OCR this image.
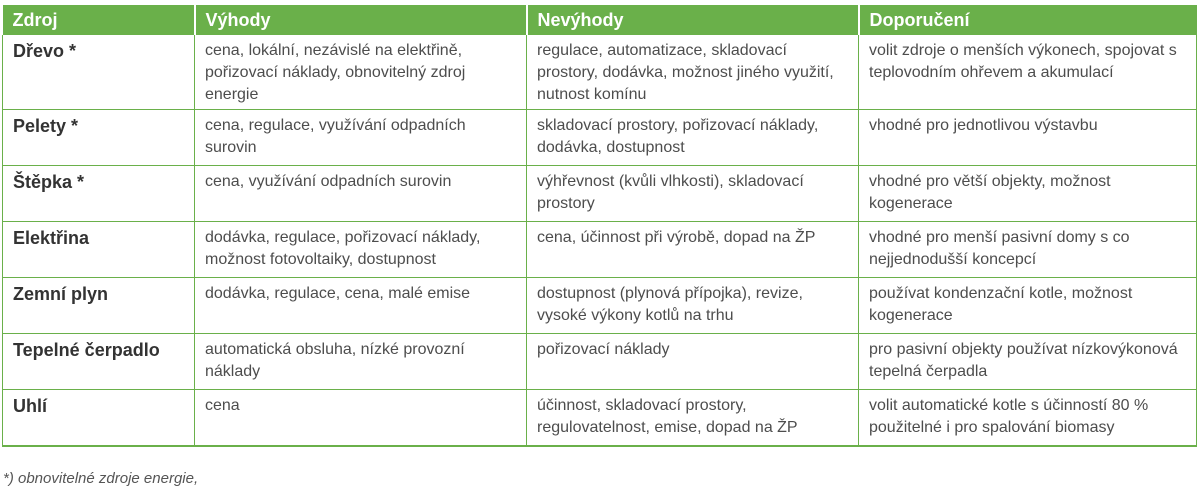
Zdroj	Výhody	Nevýhody	Doporučení
Dřevo *	cena, lokální, nezávislé na elektřině, pořizovací náklady, obnovitelný zdroj energie	regulace, automatizace, skladovací prostory, dodávka, možnost jiného využití, nutnost komínu	volit zdroje o menších výkonech, spojovat s teplovodním ohřevem a akumulací
Pelety *	cena, regulace, využívání odpadních surovin	skladovací prostory, pořizovací náklady, dodávka, dostupnost	vhodné pro jednotlivou výstavbu
Štěpka *	cena, využívání odpadních surovin	výhřevnost (kvůli vlhkosti), skladovací prostory	vhodné pro větší objekty, možnost kogenerace
Elektřina	dodávka, regulace, pořizovací náklady, možnost fotovoltaiky, dostupnost	cena, účinnost při výrobě, dopad na ŽP	vhodné pro menší pasivní domy s co nejjednodušší koncepcí
Zemní plyn	dodávka, regulace, cena, malé emise	dostupnost (plynová přípojka), revize, vysoké výkony kotlů na trhu	používat kondenzační kotle, možnost kogenerace
Tepelné čerpadlo	automatická obsluha, nízké provozní náklady	pořizovací náklady	pro pasivní objekty používat nízkovýkonová tepelná čerpadla
Uhlí	cena	účinnost, skladovací prostory, regulovatelnost, emise, dopad na ŽP	volit automatické kotle s účinností 80 % použitelné i pro spalování biomasy
*) obnovitelné zdroje energie,
